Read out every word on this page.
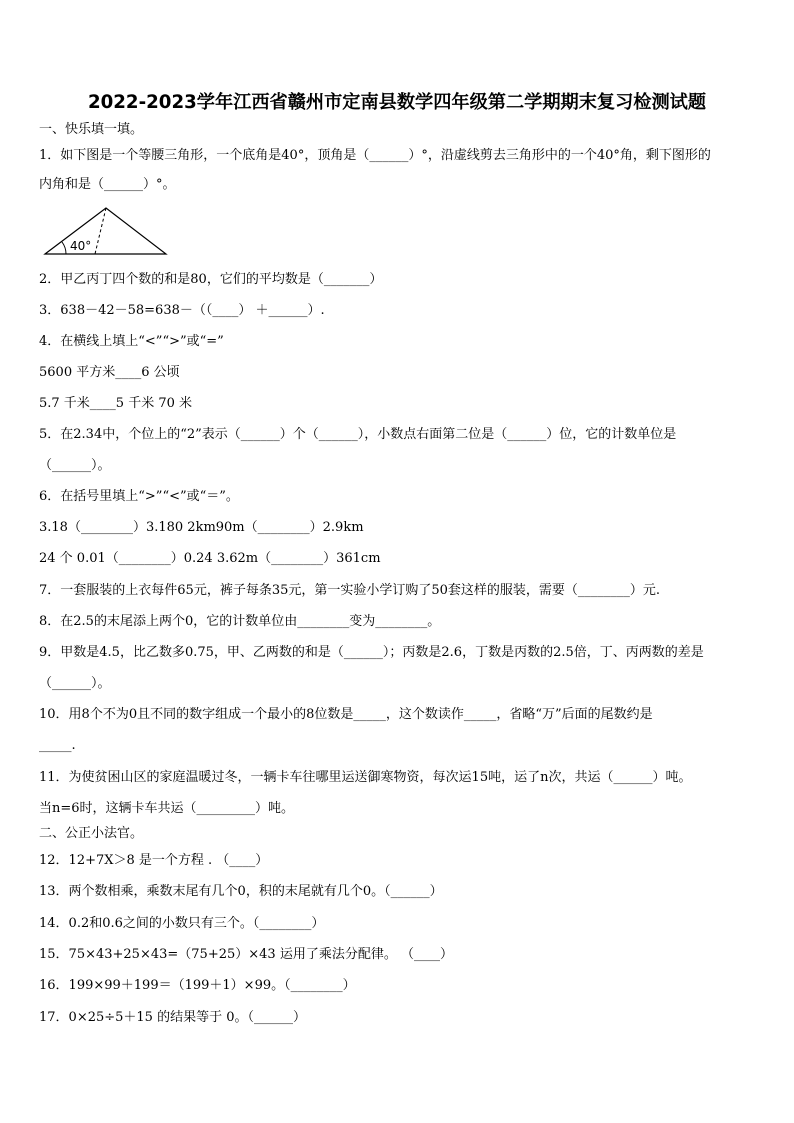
2022-2023学年江西省赣州市定南县数学四年级第二学期期末复习检测试题
一、快乐填一填。
1．如下图是一个等腰三角形，一个底角是40°，顶角是（______）°，沿虚线剪去三角形中的一个40°角，剩下图形的
内角和是（______）°。
40°
2．甲乙丙丁四个数的和是80，它们的平均数是（_______）
3．638－42－58=638－（（____） ＋______）.
4．在横线上填上“<”“>”或“=”
5600 平方米____6 公顷
5.7 千米____5 千米 70 米
5．在2.34中，个位上的“2”表示（______）个（______），小数点右面第二位是（______）位，它的计数单位是
（______）。
6．在括号里填上“>”“<”或“＝”。
3.18（________）3.180 2km90m（________）2.9km
24 个 0.01（________）0.24 3.62m（________）361cm
7．一套服装的上衣每件65元，裤子每条35元，第一实验小学订购了50套这样的服装，需要（________）元.
8．在2.5的末尾添上两个0，它的计数单位由________变为________。
9．甲数是4.5，比乙数多0.75，甲、乙两数的和是（______）；丙数是2.6，丁数是丙数的2.5倍，丁、丙两数的差是
（______）。
10．用8个不为0且不同的数字组成一个最小的8位数是_____，这个数读作_____，省略“万”后面的尾数约是
_____.
11．为使贫困山区的家庭温暖过冬，一辆卡车往哪里运送御寒物资，每次运15吨，运了n次，共运（______）吨。
当n=6时，这辆卡车共运（_________）吨。
二、公正小法官。
12．12+7X＞8 是一个方程 . （____）
13．两个数相乘，乘数末尾有几个0，积的末尾就有几个0。（______）
14．0.2和0.6之间的小数只有三个。（________）
15．75×43+25×43=（75+25）×43 运用了乘法分配律。 （____）
16．199×99＋199＝（199＋1）×99。（________）
17．0×25÷5＋15 的结果等于 0。（______）
